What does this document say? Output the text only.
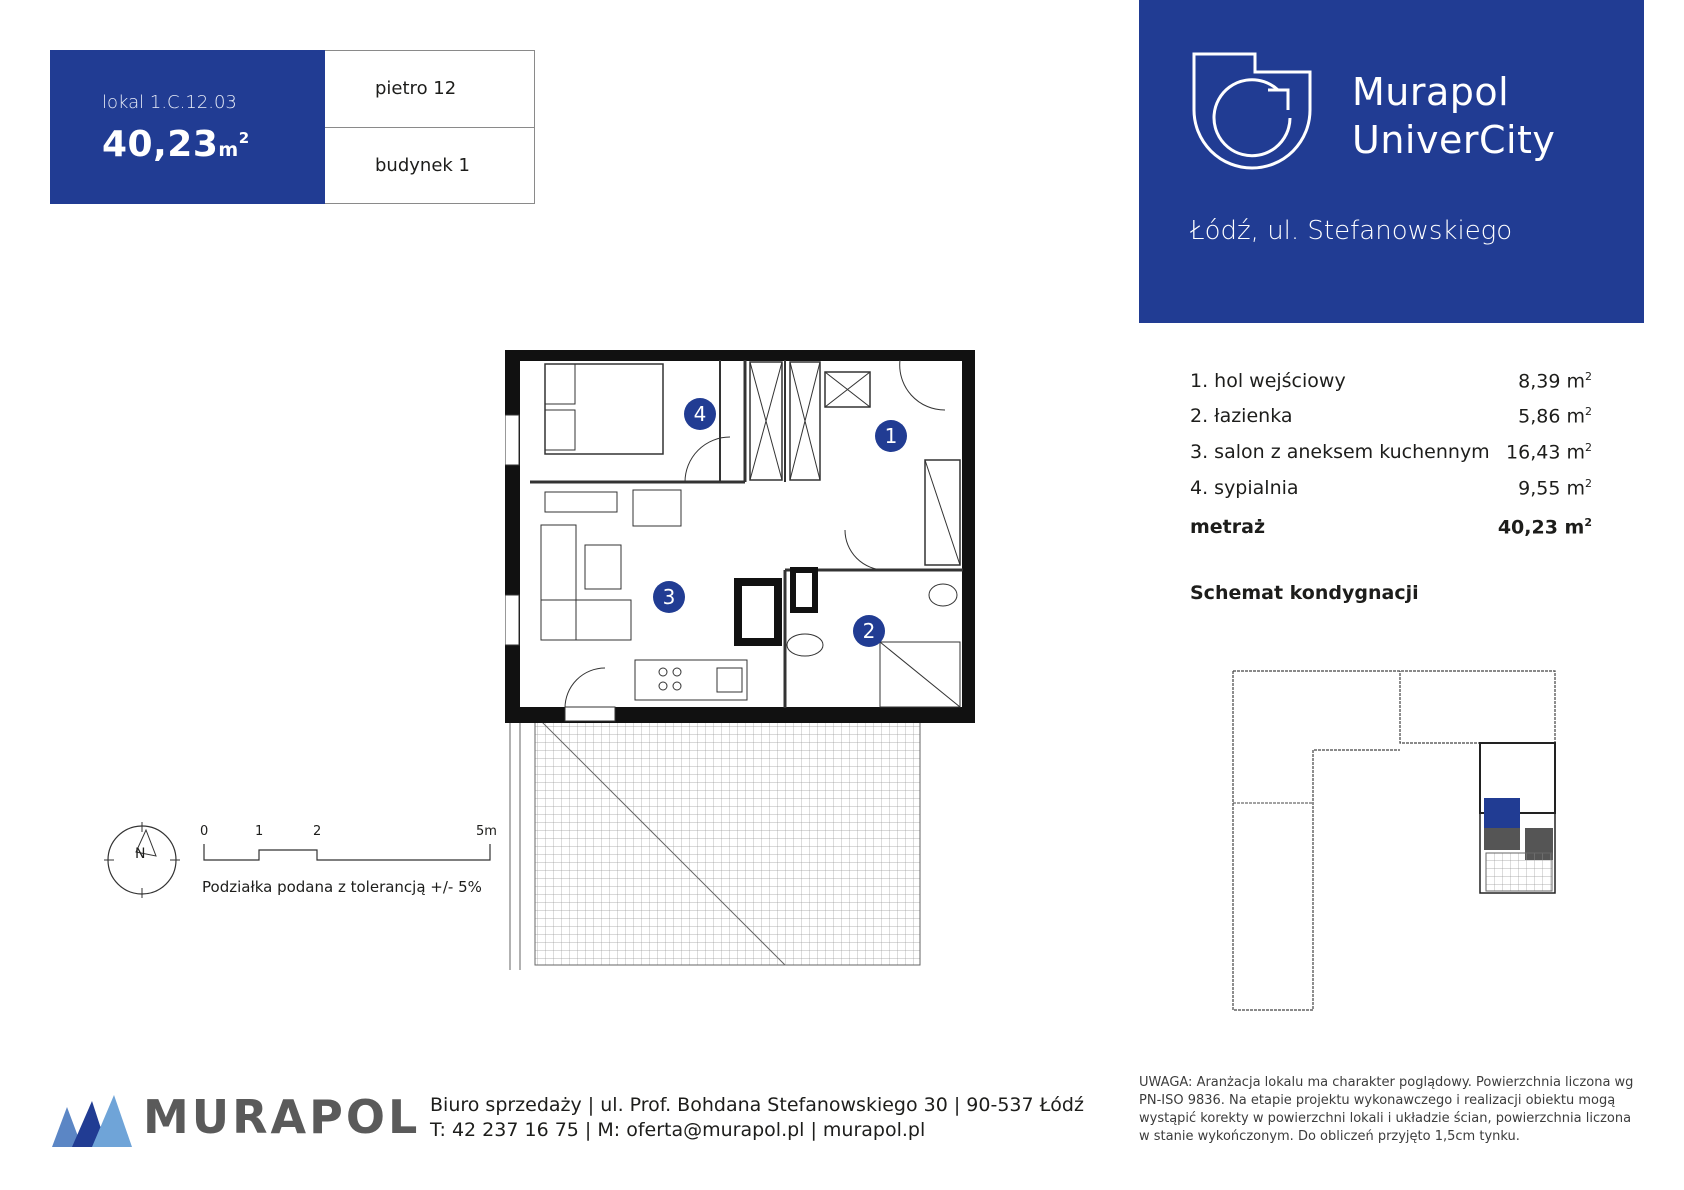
lokal 1.C.12.03
$40,23m^2$
pietro 12
budynek 1
Murapol
UniverCity
Łódź, ul. Stefanowskiego
1. hol wejściowy	8,39 $m^2$
2. łazienka	5,86 $m^2$
3. salon z aneksem kuchennym 16,43 $m^2$
4. sypialnia	9,55 $m^2$
metraż	40,23 $m^2$
Schemat kondygnacji
4
1
3
2
N
0	1	2	5m
Podziałka podana z tolerancją +/- 5%
MURAPOL Biuro sprzedaży | ul. Prof. Bohdana Stefanowskiego 30 | 90-537 Łódź
T: 42 237 16 75 | M: oferta@murapol.pl | murapol.pl
UWAGA: Aranżacja lokalu ma charakter poglądowy. Powierzchnia liczona wg PN-ISO 9836. Na etapie projektu wykonawczego i realizacji obiektu mogą wystąpić korekty w powierzchni lokali i układzie ścian, powierzchnia liczona w stanie wykończonym. Do obliczeń przyjęto 1,5cm tynku.
